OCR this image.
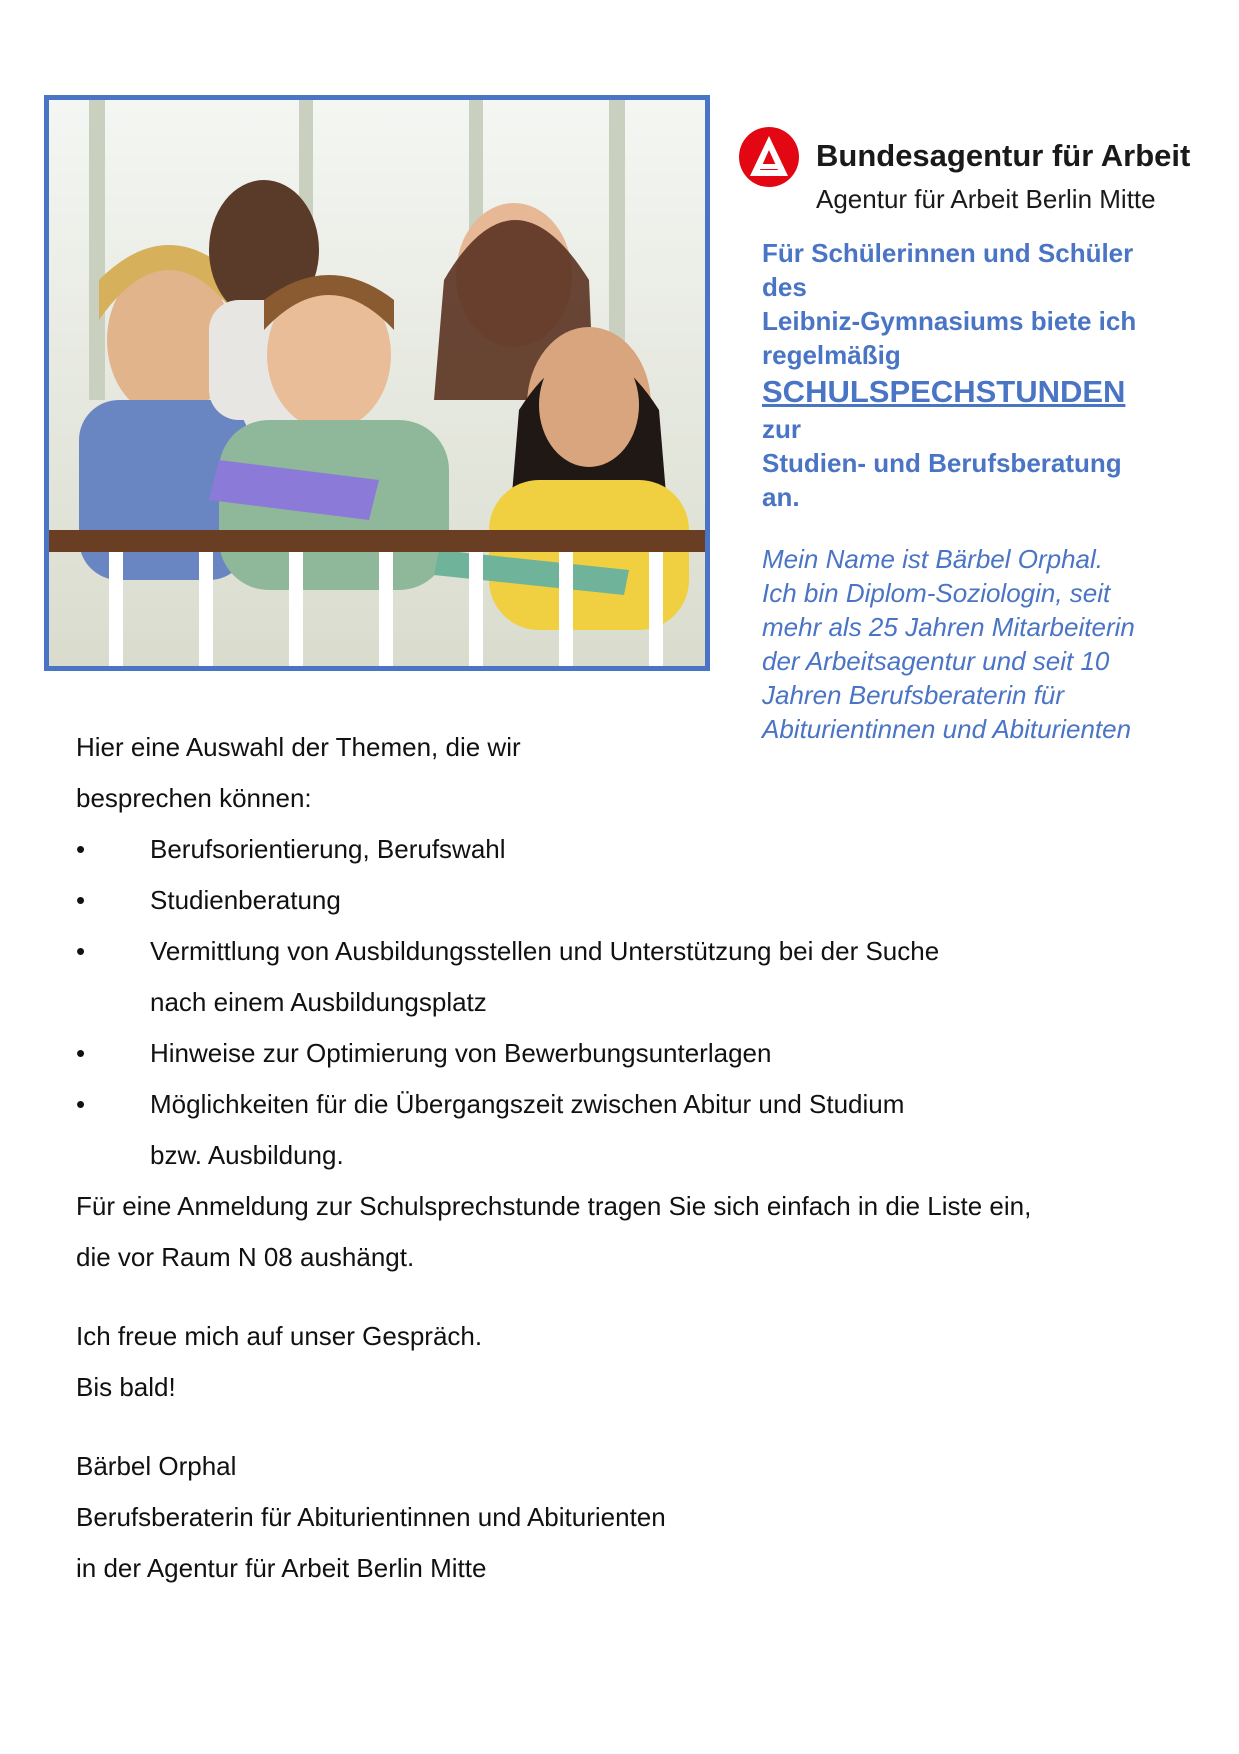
Bundesagentur für Arbeit
Agentur für Arbeit Berlin Mitte
Für Schülerinnen und Schüler
des
Leibniz-Gymnasiums biete ich
regelmäßig
SCHULSPECHSTUNDEN
zur
Studien- und Berufsberatung
an.
Mein Name ist Bärbel Orphal.
Ich bin Diplom-Soziologin, seit
mehr als 25 Jahren Mitarbeiterin
der Arbeitsagentur und seit 10
Jahren Berufsberaterin für
Abiturientinnen und Abiturienten

Hier eine Auswahl der Themen, die wir

besprechen können:

• Berufsorientierung, Berufswahl
• Studienberatung
• Vermittlung von Ausbildungsstellen und Unterstützung bei der Suche
nach einem Ausbildungsplatz
• Hinweise zur Optimierung von Bewerbungsunterlagen
• Möglichkeiten für die Übergangszeit zwischen Abitur und Studium
bzw. Ausbildung.

Für eine Anmeldung zur Schulsprechstunde tragen Sie sich einfach in die Liste ein,

die vor Raum N 08 aushängt.

Ich freue mich auf unser Gespräch.

Bis bald!

Bärbel Orphal

Berufsberaterin für Abiturientinnen und Abiturienten

in der Agentur für Arbeit Berlin Mitte
